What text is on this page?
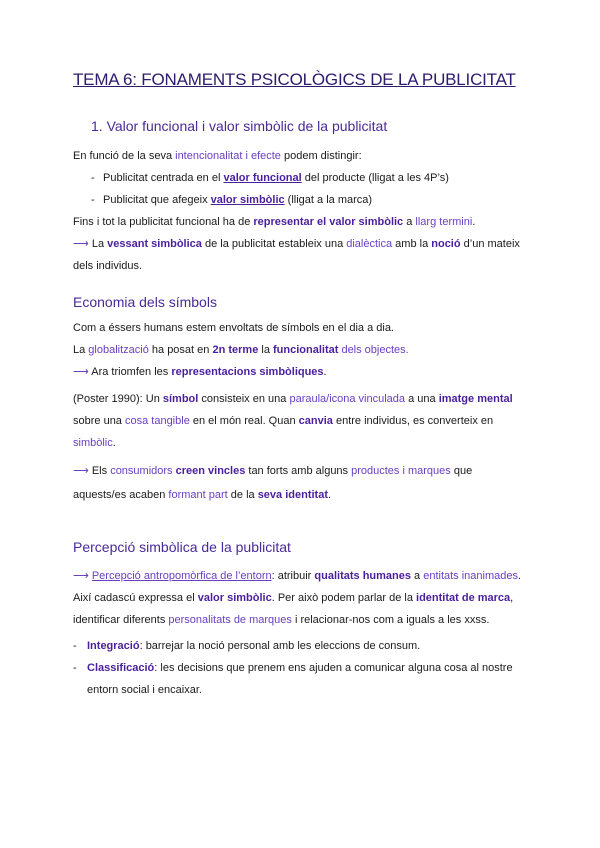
TEMA 6: FONAMENTS PSICOLÒGICS DE LA PUBLICITAT
1. Valor funcional i valor simbòlic de la publicitat
En funció de la seva intencionalitat i efecte podem distingir:
- Publicitat centrada en el valor funcional del producte (lligat a les 4P’s)
- Publicitat que afegeix valor simbòlic (lligat a la marca)
Fins i tot la publicitat funcional ha de representar el valor simbòlic a llarg termini.
⟶ La vessant simbòlica de la publicitat estableix una dialèctica amb la noció d’un mateix
dels individus.
Economia dels símbols
Com a éssers humans estem envoltats de símbols en el dia a dia.
La globalització ha posat en 2n terme la funcionalitat dels objectes.
⟶ Ara triomfen les representacions simbòliques.
(Poster 1990): Un símbol consisteix en una paraula/icona vinculada a una imatge mental
sobre una cosa tangible en el món real. Quan canvia entre individus, es converteix en
simbòlic.
⟶ Els consumidors creen vincles tan forts amb alguns productes i marques que
aquests/es acaben formant part de la seva identitat.
Percepció simbòlica de la publicitat
⟶ Percepció antropomòrfica de l’entorn: atribuir qualitats humanes a entitats inanimades.
Així cadascú expressa el valor simbòlic. Per això podem parlar de la identitat de marca,
identificar diferents personalitats de marques i relacionar-nos com a iguals a les xxss.
- Integració: barrejar la noció personal amb les eleccions de consum.
- Classificació: les decisions que prenem ens ajuden a comunicar alguna cosa al nostre
entorn social i encaixar.
